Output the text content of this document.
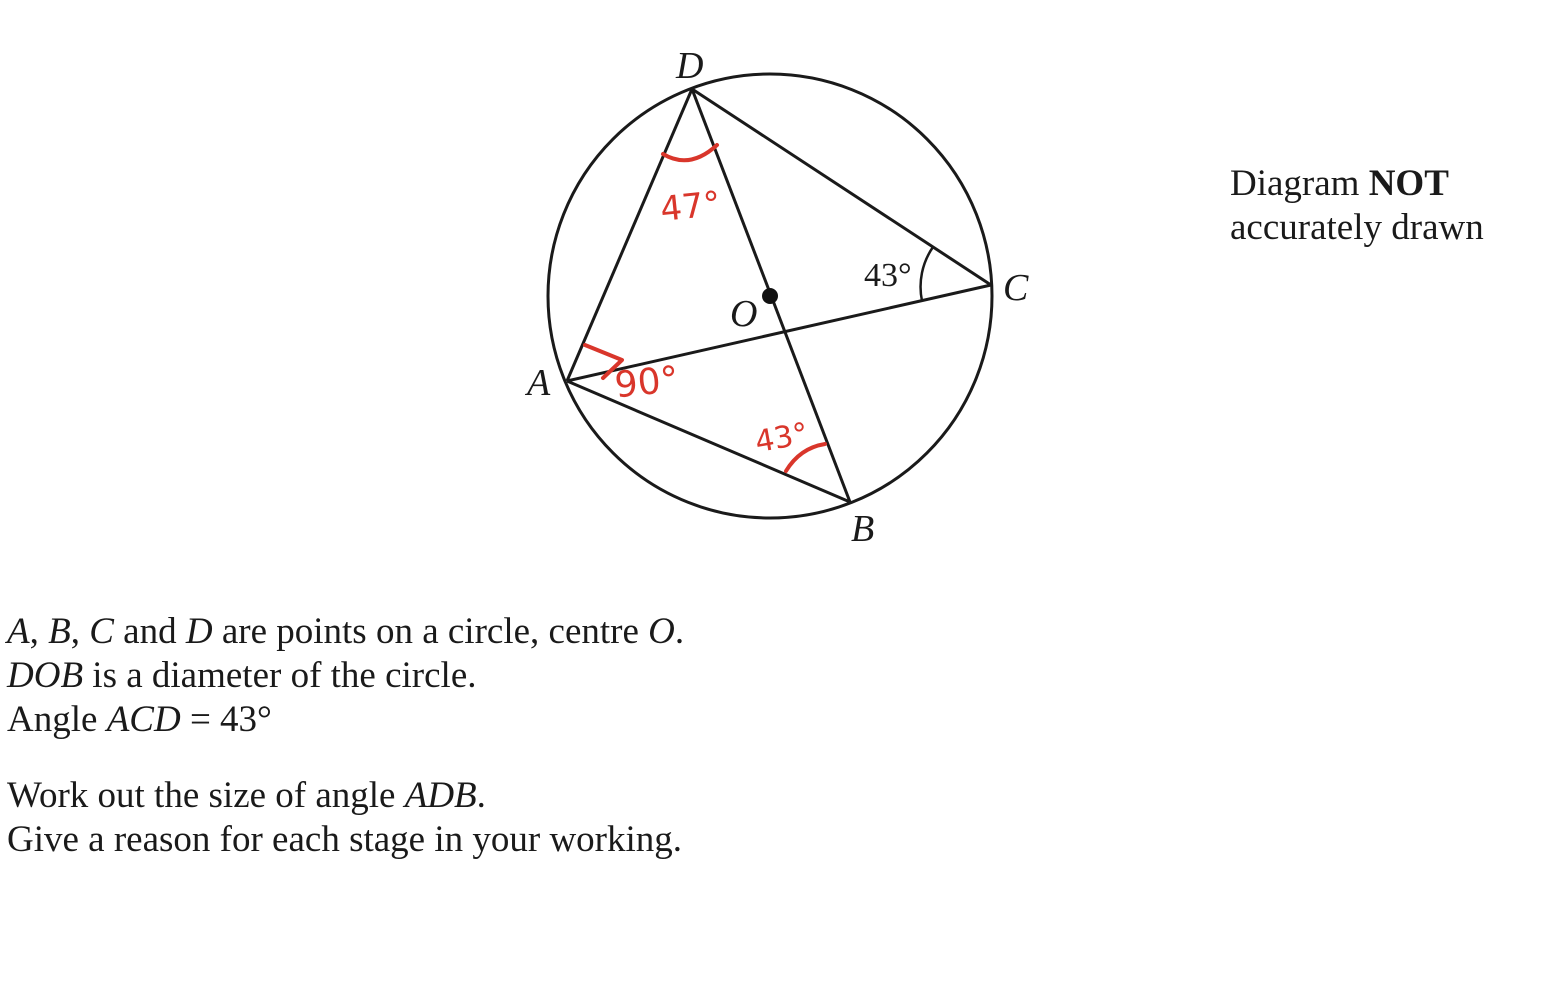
D
C
A
B
O
43°
47°
90°
43°
Diagram NOT
accurately drawn
A, B, C and D are points on a circle, centre O.
DOB is a diameter of the circle.
Angle ACD = 43°
Work out the size of angle ADB.
Give a reason for each stage in your working.
